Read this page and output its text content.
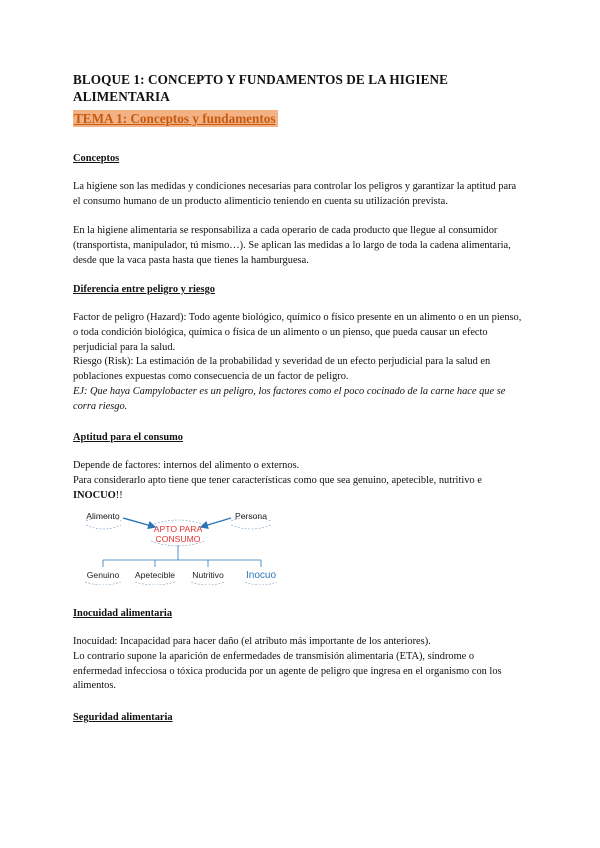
BLOQUE 1: CONCEPTO Y FUNDAMENTOS DE LA HIGIENE ALIMENTARIA
TEMA 1: Conceptos y fundamentos
Conceptos

La higiene son las medidas y condiciones necesarias para controlar los peligros y garantizar la aptitud para el consumo humano de un producto alimenticio teniendo en cuenta su utilización prevista.

En la higiene alimentaria se responsabiliza a cada operario de cada producto que llegue al consumidor (transportista, manipulador, tú mismo…). Se aplican las medidas a lo largo de toda la cadena alimentaria, desde que la vaca pasta hasta que tienes la hamburguesa.

Diferencia entre peligro y riesgo

Factor de peligro (Hazard): Todo agente biológico, químico o físico presente en un alimento o en un pienso, o toda condición biológica, química o física de un alimento o un pienso, que pueda causar un efecto perjudicial para la salud.

Riesgo (Risk): La estimación de la probabilidad y severidad de un efecto perjudicial para la salud en poblaciones expuestas como consecuencia de un factor de peligro.

EJ: Que haya Campylobacter es un peligro, los factores como el poco cocinado de la carne hace que se corra riesgo.

Aptitud para el consumo

Depende de factores: internos del alimento o externos.

Para considerarlo apto tiene que tener características como que sea genuino, apetecible, nutritivo e INOCUO!!

Alimento	Persona
APTO PARA
CONSUMO
Genuino Apetecible Nutritivo Inocuo
Inocuidad alimentaria

Inocuidad: Incapacidad para hacer daño (el atributo más importante de los anteriores).

Lo contrario supone la aparición de enfermedades de transmisión alimentaria (ETA), síndrome o enfermedad infecciosa o tóxica producida por un agente de peligro que ingresa en el organismo con los alimentos.

Seguridad alimentaria
